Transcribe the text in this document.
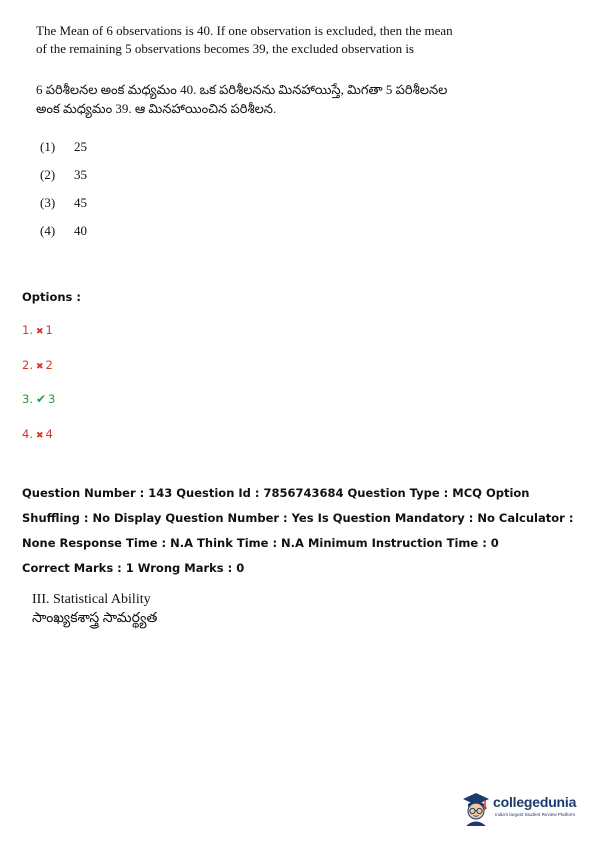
The Mean of 6 observations is 40. If one observation is excluded, then the mean of the remaining 5 observations becomes 39, the excluded observation is
6 పరిశీలనల అంక మధ్యమం 40. ఒక పరిశీలనను మినహాయిస్తే, మిగతా 5 పరిశీలనల అంక మధ్యమం 39. ఆ మినహాయించిన పరిశీలన.
(1) 25
(2) 35
(3) 45
(4) 40
Options :
1. ✖ 1
2. ✖ 2
3. ✔ 3
4. ✖ 4

Question Number : 143 Question Id : 7856743684 Question Type : MCQ Option Shuffling : No Display Question Number : Yes Is Question Mandatory : No Calculator : None Response Time : N.A Think Time : N.A Minimum Instruction Time : 0

Correct Marks : 1 Wrong Marks : 0

III. Statistical Ability
సాంఖ్యకశాస్త్ర సామర్థ్యత
collegedunia
India's largest Student Review Platform
